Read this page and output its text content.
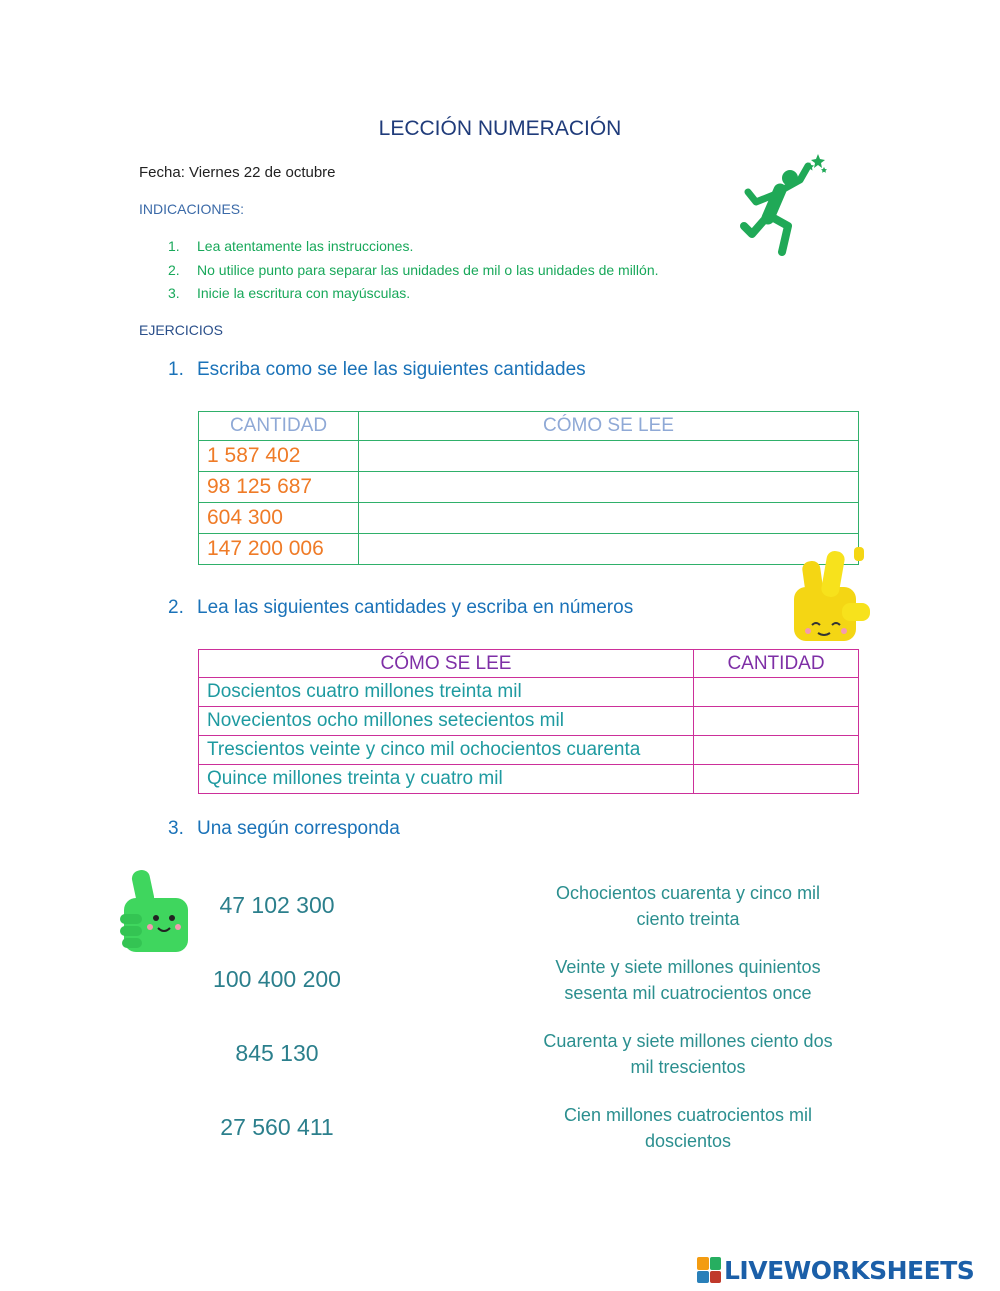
LECCIÓN NUMERACIÓN
Fecha: Viernes 22 de octubre
INDICACIONES:
1. Lea atentamente las instrucciones.
2. No utilice punto para separar las unidades de mil o las unidades de millón.
3. Inicie la escritura con mayúsculas.
EJERCICIOS
1. Escriba como se lee las siguientes cantidades
CANTIDAD	CÓMO SE LEE
1 587 402	
98 125 687	
604 300	
147 200 006	
2. Lea las siguientes cantidades y escriba en números
CÓMO SE LEE	CANTIDAD
Doscientos cuatro millones treinta mil	
Novecientos ocho millones setecientos mil	
Trescientos veinte y cinco mil ochocientos cuarenta	
Quince millones treinta y cuatro mil	
3. Una según corresponda
47 102 300
100 400 200
845 130
27 560 411
Ochocientos cuarenta y cinco mil
ciento treinta
Veinte y siete millones quinientos
sesenta mil cuatrocientos once
Cuarenta y siete millones ciento dos
mil trescientos
Cien millones cuatrocientos mil
doscientos
LIVEWORKSHEETS
